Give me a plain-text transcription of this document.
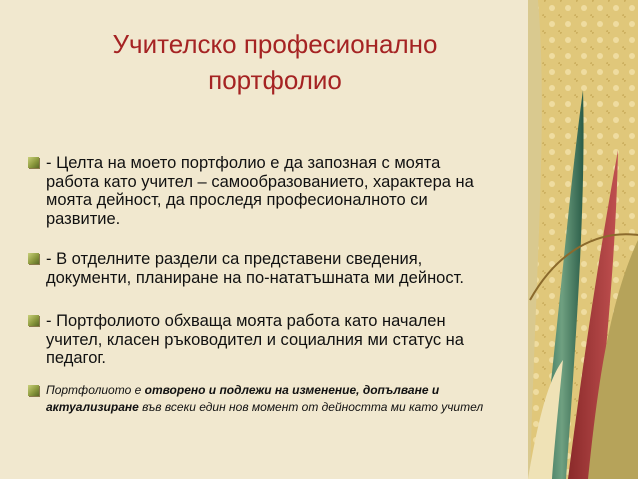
Учителско професионално
портфолио
- Целта на моето портфолио е да запозная с моята работа като учител – самообразованието, характера на моята дейност, да проследя професионалното си развитие.
- В отделните раздели са представени сведения, документи, планиране на по-нататъшната ми дейност.
- Портфолиото обхваща моята работа като началeн учител, класен ръководител и социалния ми статус на педагог.
Портфолиото е отворено и подлежи на изменение, допълване и актуализиране във всеки един нов момент от дейността ми като учител
